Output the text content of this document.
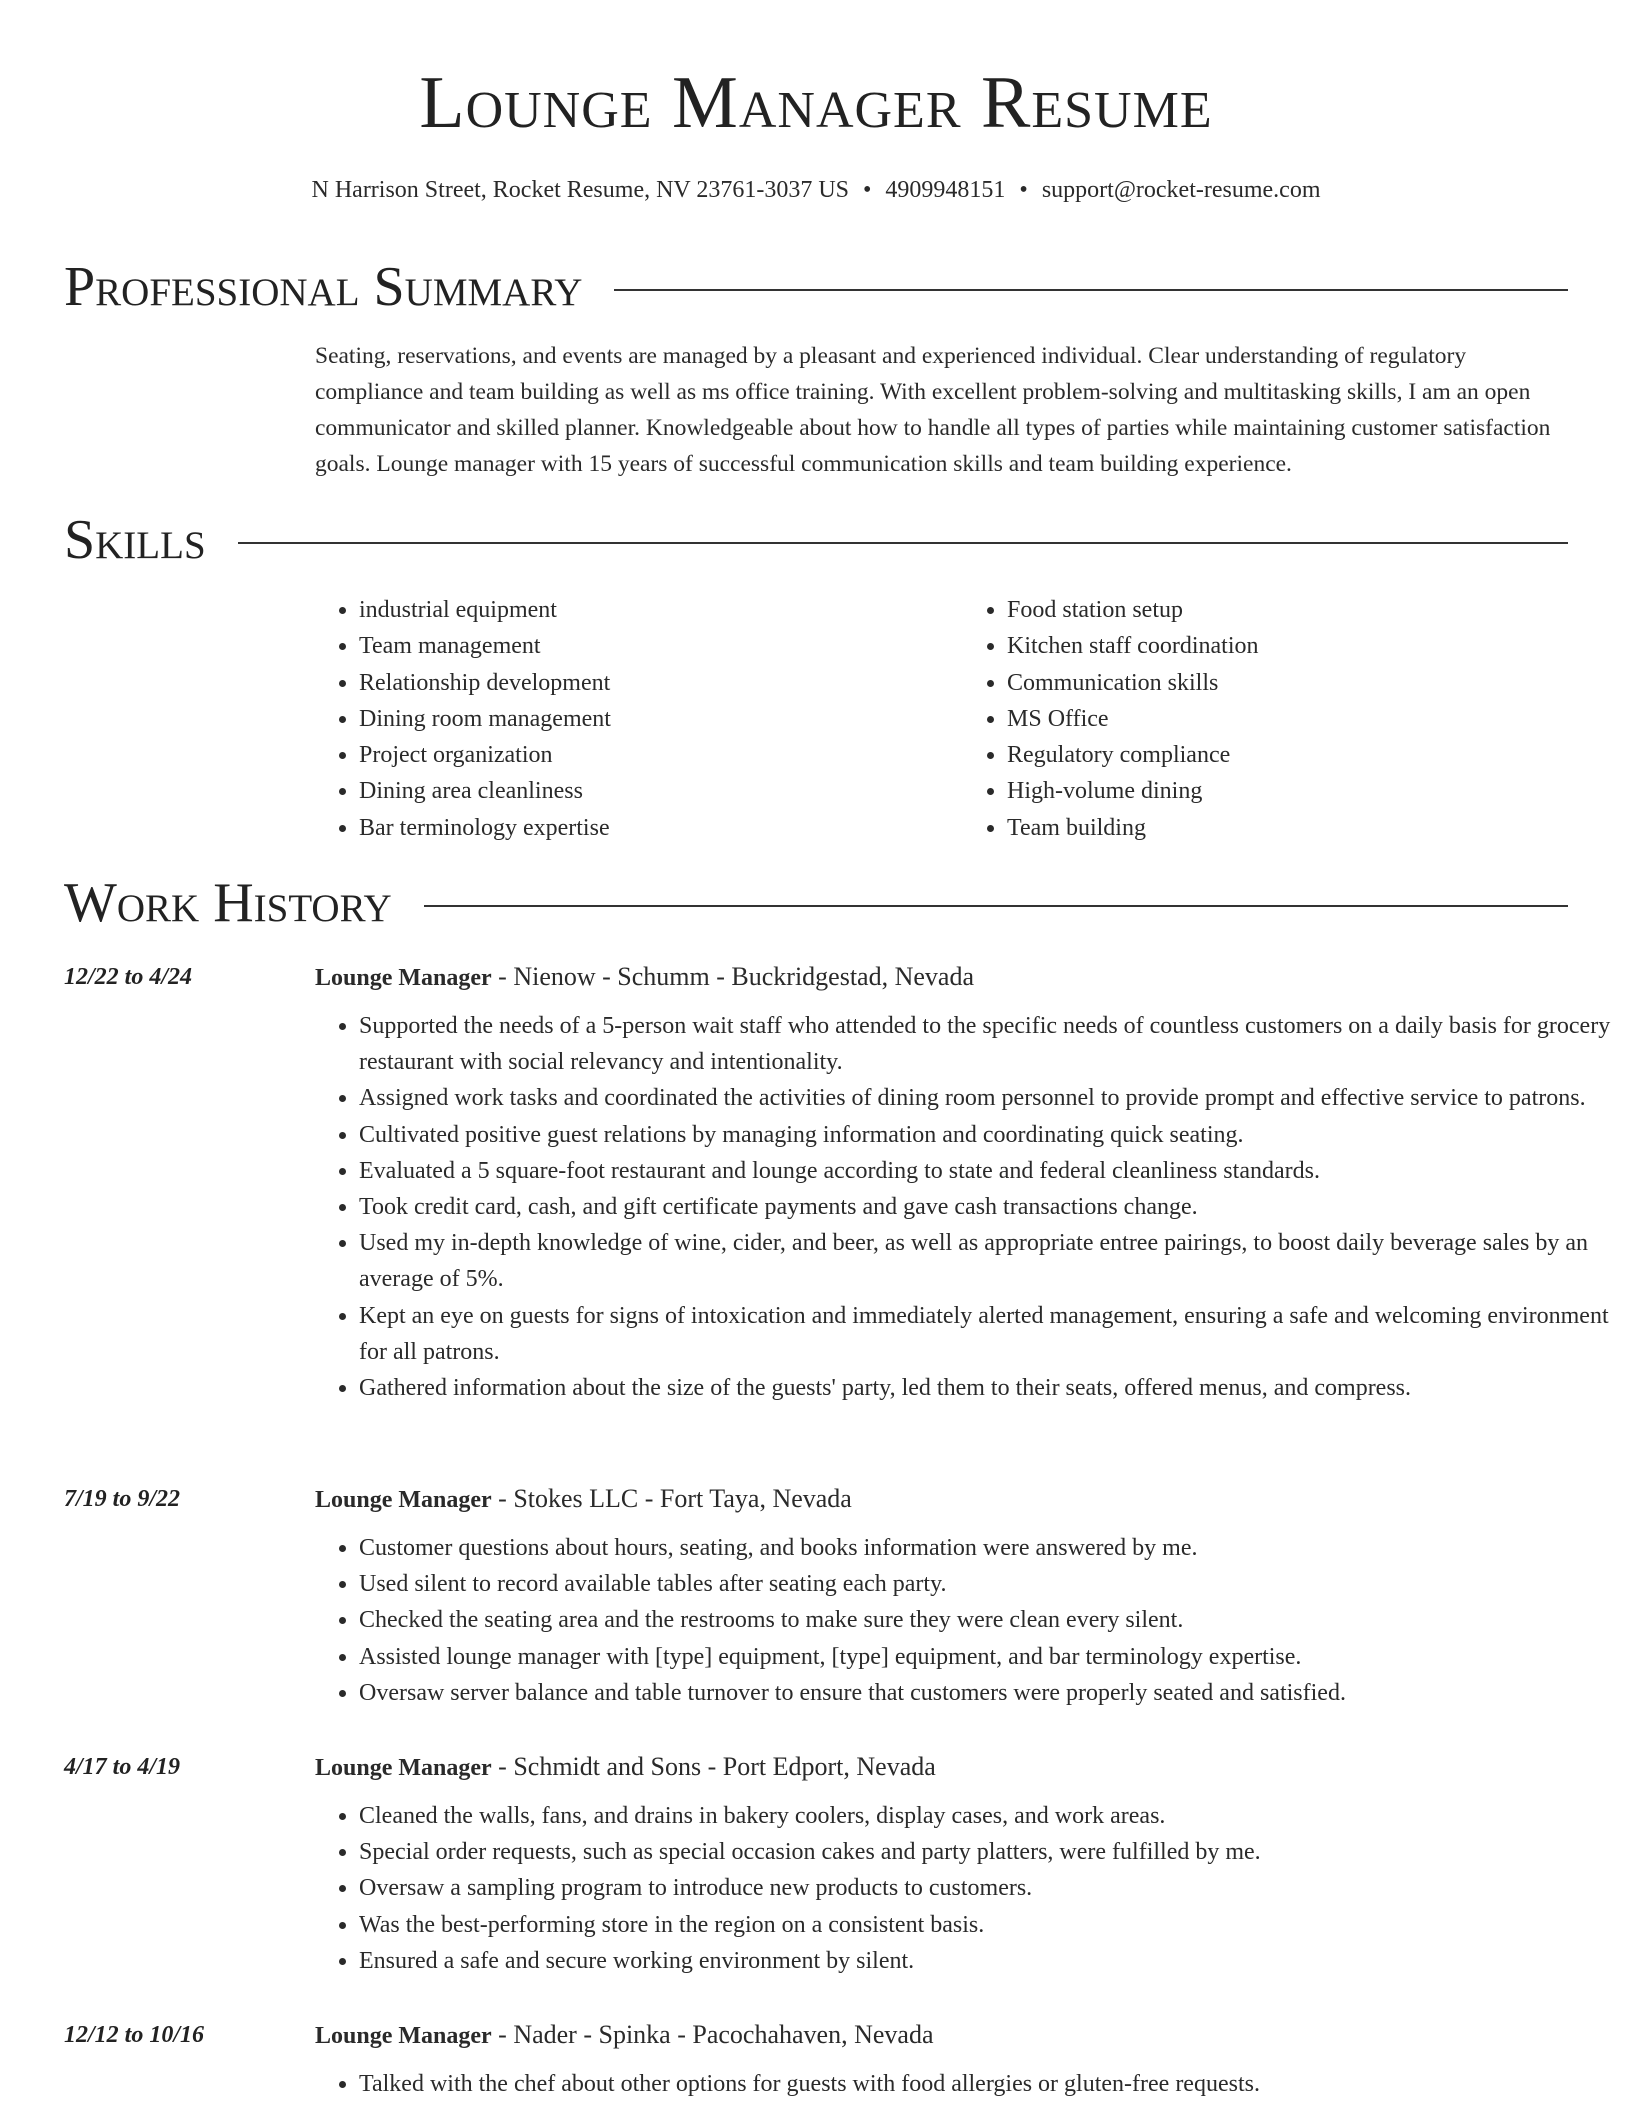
Lounge Manager Resume
N Harrison Street, Rocket Resume, NV 23761-3037 US • 4909948151 • support@rocket-resume.com
Professional Summary

Seating, reservations, and events are managed by a pleasant and experienced individual. Clear understanding of regulatory compliance and team building as well as ms office training. With excellent problem-solving and multitasking skills, I am an open communicator and skilled planner. Knowledgeable about how to handle all types of parties while maintaining customer satisfaction goals. Lounge manager with 15 years of successful communication skills and team building experience.

Skills
• industrial equipment
• Team management
• Relationship development
• Dining room management
• Project organization
• Dining area cleanliness
• Bar terminology expertise
• Food station setup
• Kitchen staff coordination
• Communication skills
• MS Office
• Regulatory compliance
• High-volume dining
• Team building
Work History
12/22 to 4/24	Lounge Manager - Nienow - Schumm - Buckridgestad, Nevada
• Supported the needs of a 5-person wait staff who attended to the specific needs of countless customers on a daily basis for grocery restaurant with social relevancy and intentionality.
• Assigned work tasks and coordinated the activities of dining room personnel to provide prompt and effective service to patrons.
• Cultivated positive guest relations by managing information and coordinating quick seating.
• Evaluated a 5 square-foot restaurant and lounge according to state and federal cleanliness standards.
• Took credit card, cash, and gift certificate payments and gave cash transactions change.
• Used my in-depth knowledge of wine, cider, and beer, as well as appropriate entree pairings, to boost daily beverage sales by an average of 5%.
• Kept an eye on guests for signs of intoxication and immediately alerted management, ensuring a safe and welcoming environment for all patrons.
• Gathered information about the size of the guests' party, led them to their seats, offered menus, and compress.
7/19 to 9/22	Lounge Manager - Stokes LLC - Fort Taya, Nevada
• Customer questions about hours, seating, and books information were answered by me.
• Used silent to record available tables after seating each party.
• Checked the seating area and the restrooms to make sure they were clean every silent.
• Assisted lounge manager with [type] equipment, [type] equipment, and bar terminology expertise.
• Oversaw server balance and table turnover to ensure that customers were properly seated and satisfied.
4/17 to 4/19	Lounge Manager - Schmidt and Sons - Port Edport, Nevada
• Cleaned the walls, fans, and drains in bakery coolers, display cases, and work areas.
• Special order requests, such as special occasion cakes and party platters, were fulfilled by me.
• Oversaw a sampling program to introduce new products to customers.
• Was the best-performing store in the region on a consistent basis.
• Ensured a safe and secure working environment by silent.
12/12 to 10/16	Lounge Manager - Nader - Spinka - Pacochahaven, Nevada
• Talked with the chef about other options for guests with food allergies or gluten-free requests.
